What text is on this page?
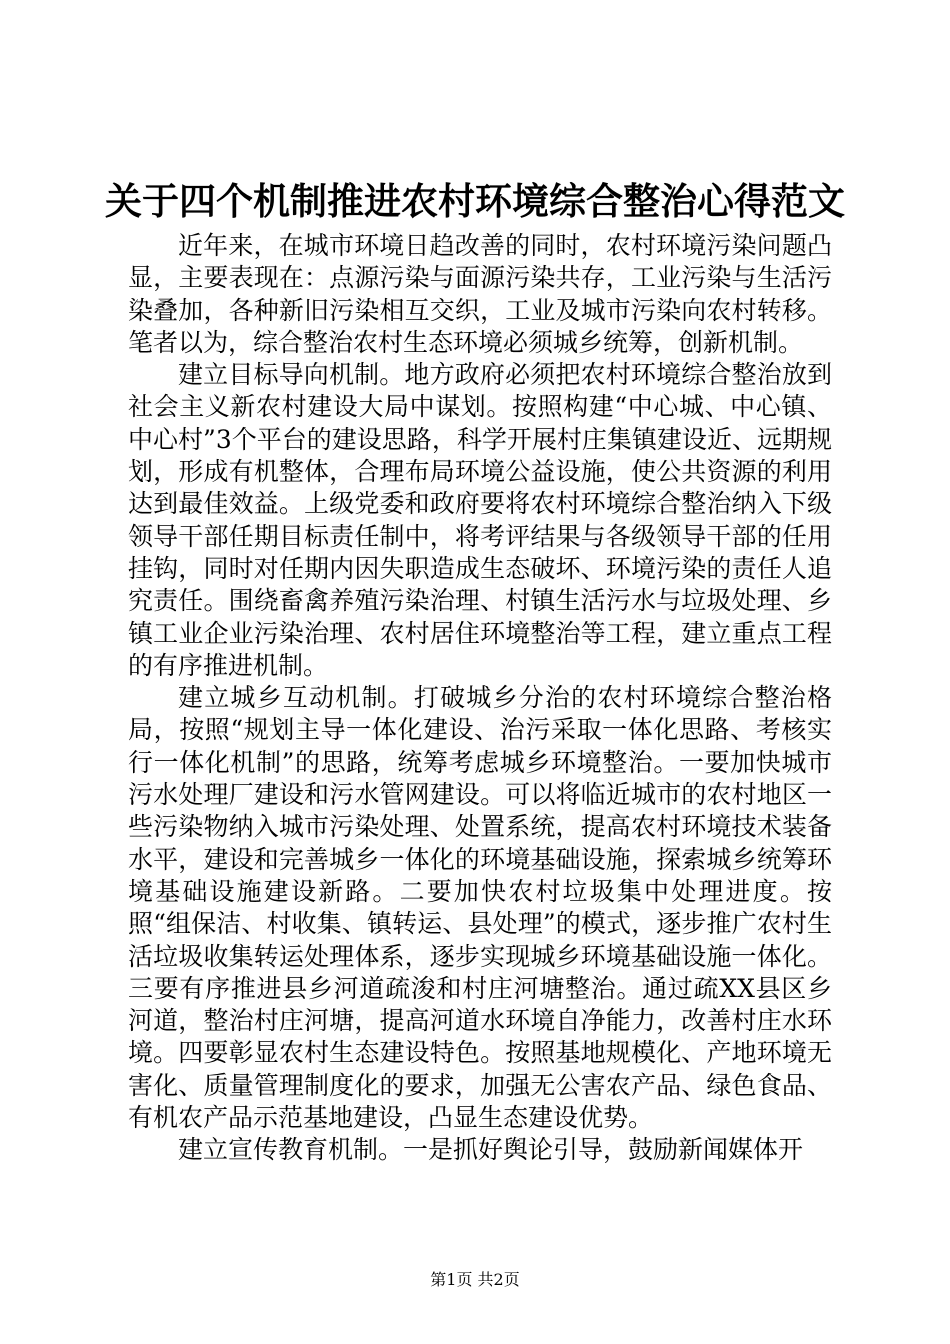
关于四个机制推进农村环境综合整治心得范文

近年来，在城市环境日趋改善的同时，农村环境污染问题凸显，主要表现在：点源污染与面源污染共存，工业污染与生活污染叠加，各种新旧污染相互交织，工业及城市污染向农村转移。笔者以为，综合整治农村生态环境必须城乡统筹，创新机制。

建立目标导向机制。地方政府必须把农村环境综合整治放到社会主义新农村建设大局中谋划。按照构建“中心城、中心镇、中心村”3个平台的建设思路，科学开展村庄集镇建设近、远期规划，形成有机整体，合理布局环境公益设施，使公共资源的利用达到最佳效益。上级党委和政府要将农村环境综合整治纳入下级领导干部任期目标责任制中，将考评结果与各级领导干部的任用挂钩，同时对任期内因失职造成生态破坏、环境污染的责任人追究责任。围绕畜禽养殖污染治理、村镇生活污水与垃圾处理、乡镇工业企业污染治理、农村居住环境整治等工程，建立重点工程的有序推进机制。

建立城乡互动机制。打破城乡分治的农村环境综合整治格局，按照“规划主导一体化建设、治污采取一体化思路、考核实行一体化机制”的思路，统筹考虑城乡环境整治。一要加快城市污水处理厂建设和污水管网建设。可以将临近城市的农村地区一些污染物纳入城市污染处理、处置系统，提高农村环境技术装备水平，建设和完善城乡一体化的环境基础设施，探索城乡统筹环境基础设施建设新路。二要加快农村垃圾集中处理进度。按照“组保洁、村收集、镇转运、县处理”的模式，逐步推广农村生活垃圾收集转运处理体系，逐步实现城乡环境基础设施一体化。三要有序推进县乡河道疏浚和村庄河塘整治。通过疏XX县区乡河道，整治村庄河塘，提高河道水环境自净能力，改善村庄水环境。四要彰显农村生态建设特色。按照基地规模化、产地环境无害化、质量管理制度化的要求，加强无公害农产品、绿色食品、有机农产品示范基地建设，凸显生态建设优势。

建立宣传教育机制。一是抓好舆论引导，鼓励新闻媒体开

第1页 共2页
